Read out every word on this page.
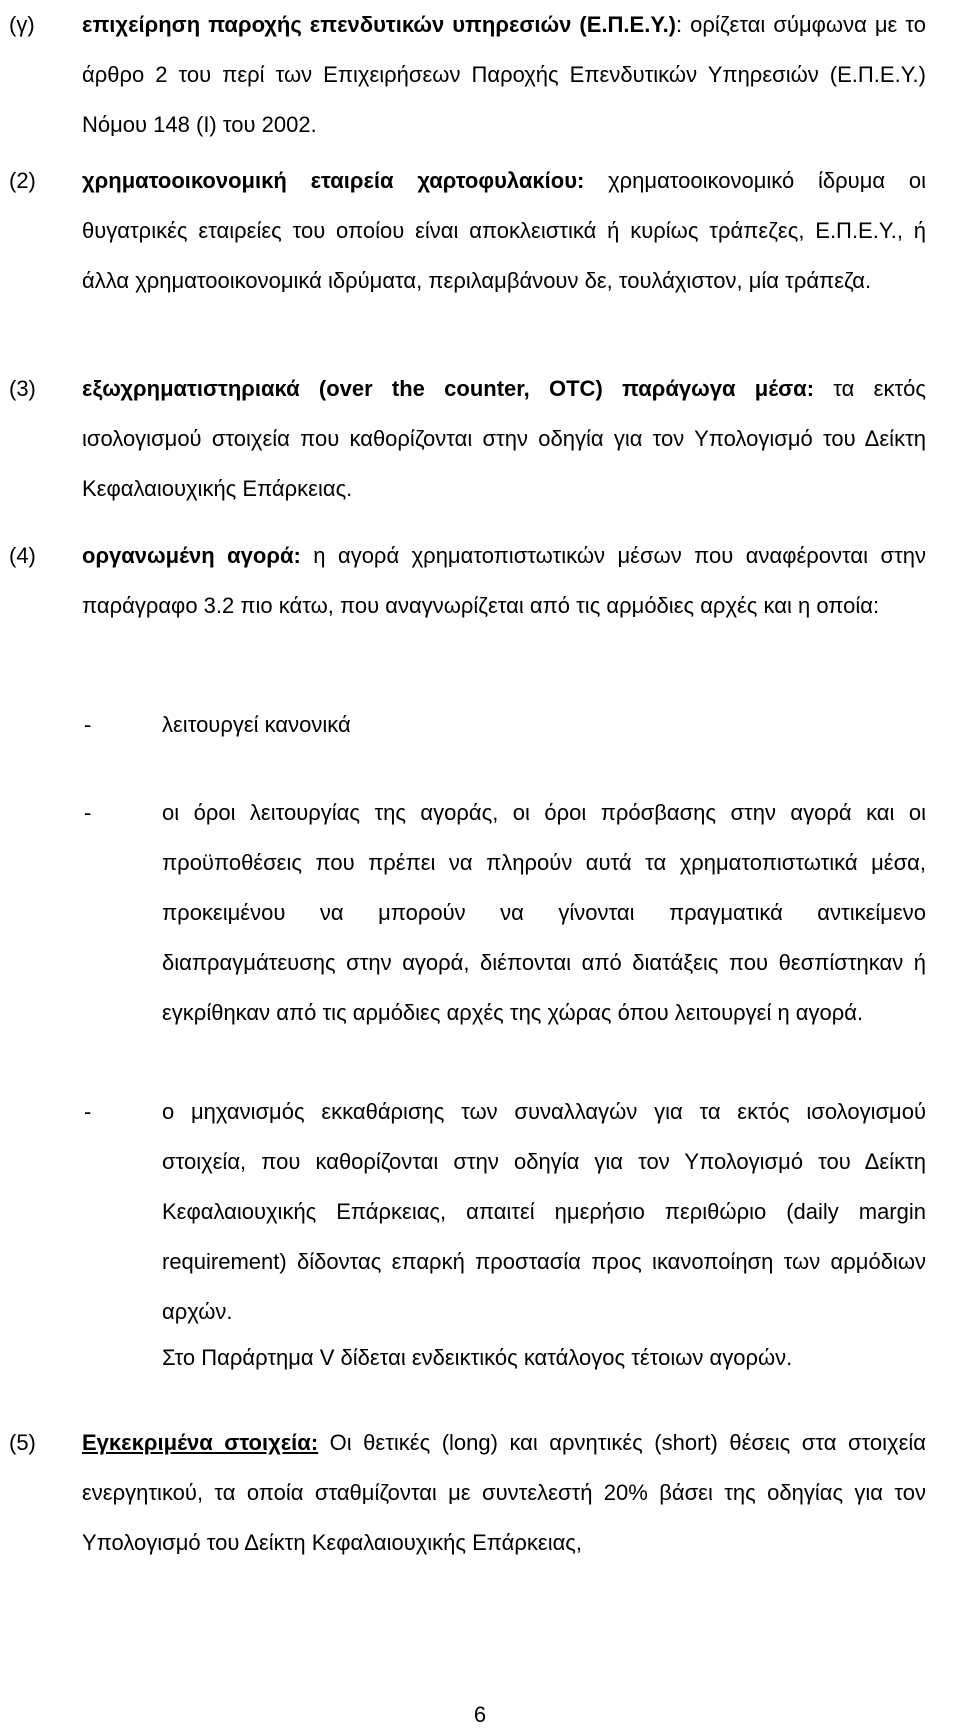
(γ) επιχείρηση παροχής επενδυτικών υπηρεσιών (Ε.Π.Ε.Υ.): ορίζεται σύμφωνα με το άρθρο 2 του περί των Επιχειρήσεων Παροχής Επενδυτικών Υπηρεσιών (Ε.Π.Ε.Υ.) Νόμου 148 (Ι) του 2002.
(2) χρηματοοικονομική εταιρεία χαρτοφυλακίου: χρηματοοικονομικό ίδρυμα οι θυγατρικές εταιρείες του οποίου είναι αποκλειστικά ή κυρίως τράπεζες, Ε.Π.Ε.Υ., ή άλλα χρηματοοικονομικά ιδρύματα, περιλαμβάνουν δε, τουλάχιστον, μία τράπεζα.
(3) εξωχρηματιστηριακά (over the counter, OTC) παράγωγα μέσα: τα εκτός ισολογισμού στοιχεία που καθορίζονται στην οδηγία για τον Υπολογισμό του Δείκτη Κεφαλαιουχικής Επάρκειας.
(4) οργανωμένη αγορά: η αγορά χρηματοπιστωτικών μέσων που αναφέρονται στην παράγραφο 3.2 πιο κάτω, που αναγνωρίζεται από τις αρμόδιες αρχές και η οποία:
-	λειτουργεί κανονικά
-	οι όροι λειτουργίας της αγοράς, οι όροι πρόσβασης στην αγορά και οι προϋποθέσεις που πρέπει να πληρούν αυτά τα χρηματοπιστωτικά μέσα, προκειμένου να μπορούν να γίνονται πραγματικά αντικείμενο διαπραγμάτευσης στην αγορά, διέπονται από διατάξεις που θεσπίστηκαν ή εγκρίθηκαν από τις αρμόδιες αρχές της χώρας όπου λειτουργεί η αγορά.
-	ο μηχανισμός εκκαθάρισης των συναλλαγών για τα εκτός ισολογισμού στοιχεία, που καθορίζονται στην οδηγία για τον Υπολογισμό του Δείκτη Κεφαλαιουχικής Επάρκειας, απαιτεί ημερήσιο περιθώριο (daily margin requirement) δίδοντας επαρκή προστασία προς ικανοποίηση των αρμόδιων αρχών.
Στο Παράρτημα V δίδεται ενδεικτικός κατάλογος τέτοιων αγορών.
(5) Εγκεκριμένα στοιχεία: Οι θετικές (long) και αρνητικές (short) θέσεις στα στοιχεία ενεργητικού, τα οποία σταθμίζονται με συντελεστή 20% βάσει της οδηγίας για τον Υπολογισμό του Δείκτη Κεφαλαιουχικής Επάρκειας,
6
